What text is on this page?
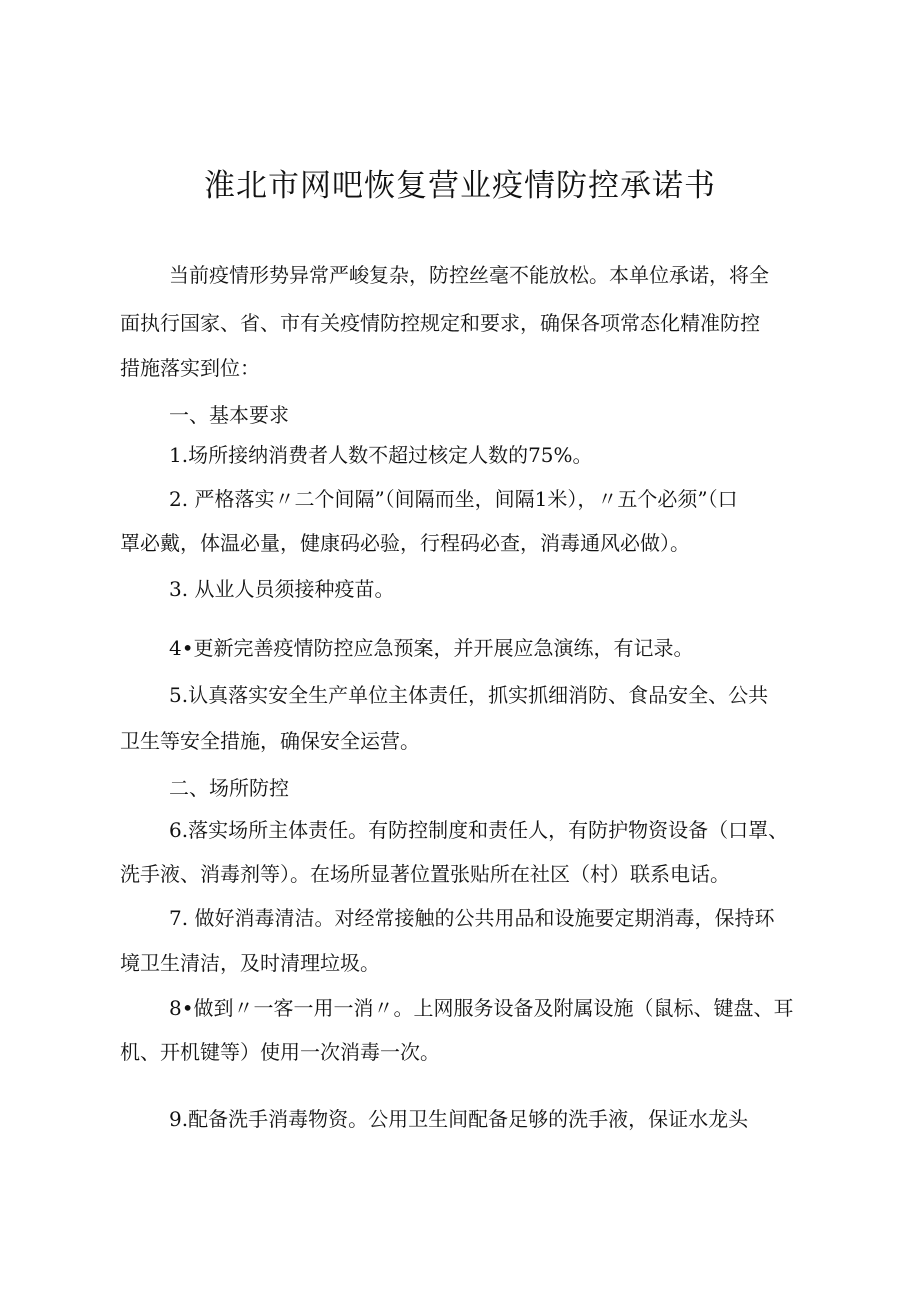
淮北市网吧恢复营业疫情防控承诺书
当前疫情形势异常严峻复杂，防控丝毫不能放松。本单位承诺，将全
面执行国家、省、市有关疫情防控规定和要求，确保各项常态化精准防控
措施落实到位：
一、基本要求
1.场所接纳消费者人数不超过核定人数的75%。
2. 严格落实〃二个间隔”（间隔而坐，间隔1米），〃五个必须”（口
罩必戴，体温必量，健康码必验，行程码必查，消毒通风必做）。
3. 从业人员须接种疫苗。
4•更新完善疫情防控应急预案，并开展应急演练，有记录。
5.认真落实安全生产单位主体责任，抓实抓细消防、食品安全、公共
卫生等安全措施，确保安全运营。
二、场所防控
6.落实场所主体责任。有防控制度和责任人，有防护物资设备（口罩、
洗手液、消毒剂等）。在场所显著位置张贴所在社区（村）联系电话。
7. 做好消毒清洁。对经常接触的公共用品和设施要定期消毒，保持环
境卫生清洁，及时清理垃圾。
8•做到〃一客一用一消〃。上网服务设备及附属设施（鼠标、键盘、耳
机、开机键等）使用一次消毒一次。
9.配备洗手消毒物资。公用卫生间配备足够的洗手液，保证水龙头
